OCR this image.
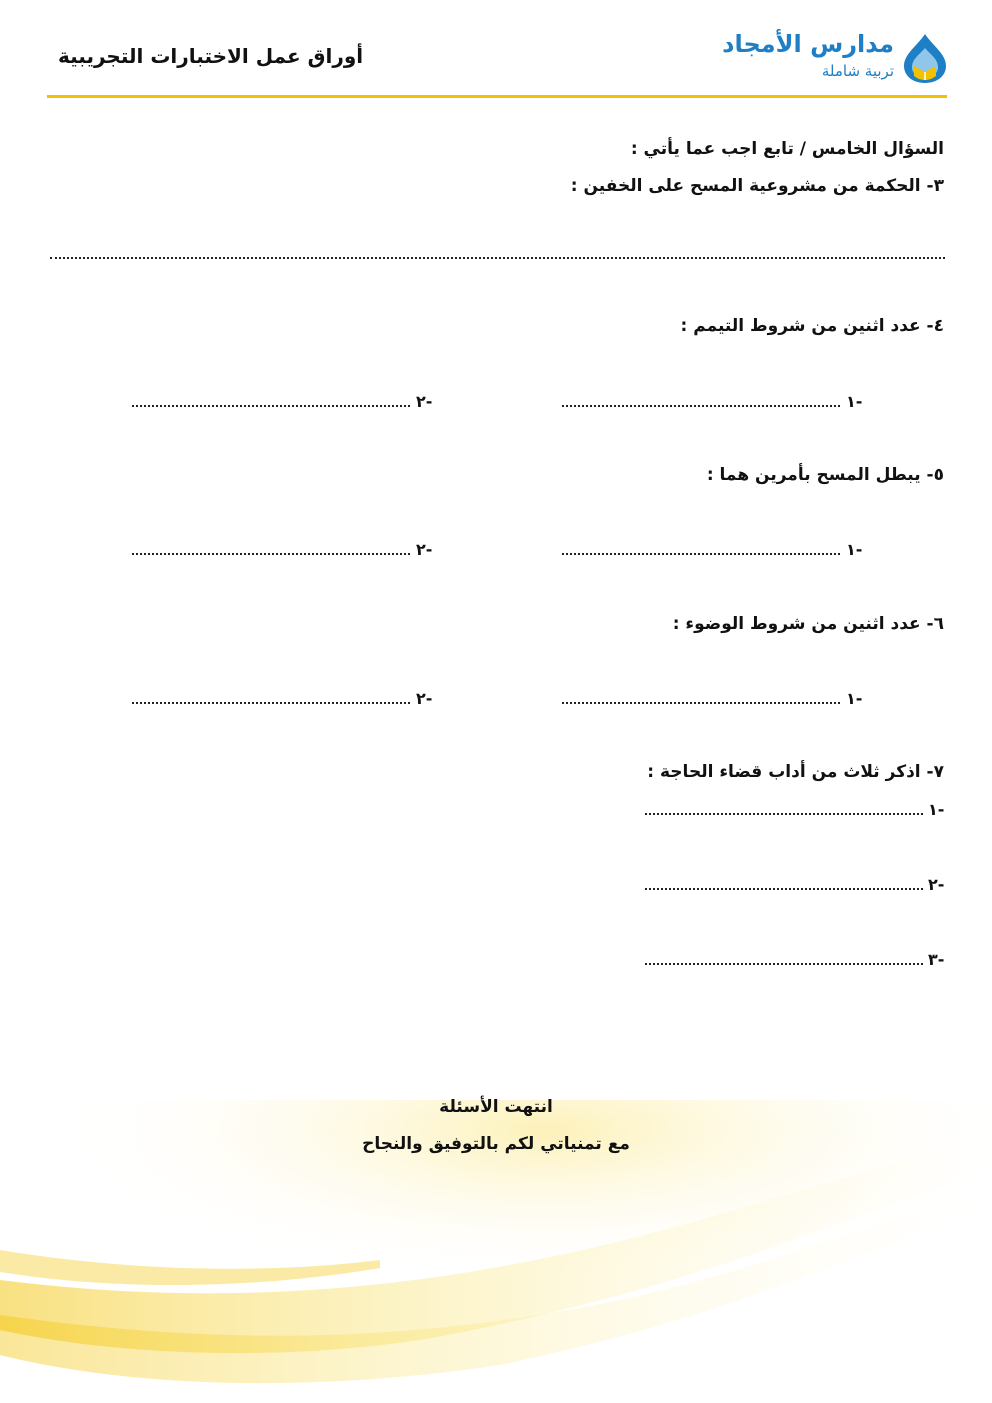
أوراق عمل الاختبارات التجريبية	مدارس الأمجاد
تربية شاملة
السؤال الخامس / تابع اجب عما يأتي :
٣- الحكمة من مشروعية المسح على الخفين :
٤- عدد اثنين من شروط التيمم :
١-
٢-
٥- يبطل المسح بأمرين هما :
١-
٢-
٦- عدد اثنين من شروط الوضوء :
١-
٢-
٧- اذكر ثلاث من أداب قضاء الحاجة :
١-
٢-
٣-
انتهت الأسئلة
مع تمنياتي لكم بالتوفيق والنجاح
